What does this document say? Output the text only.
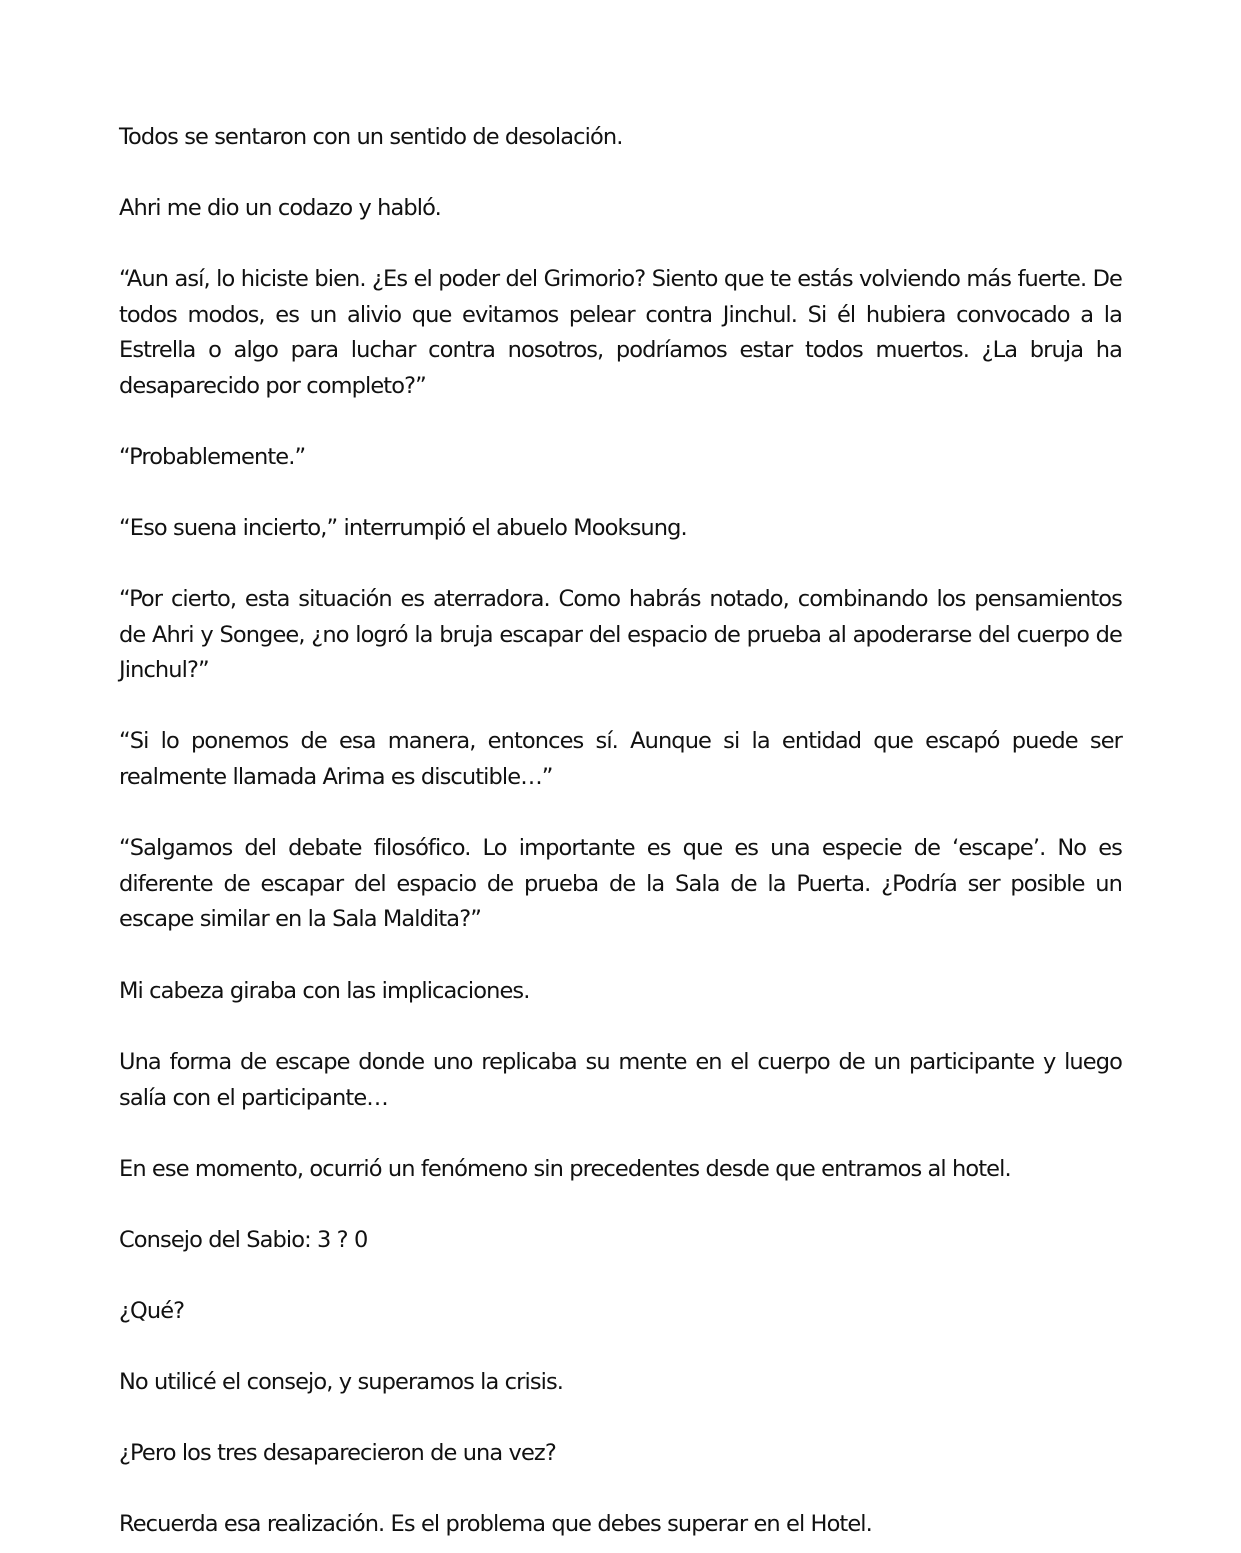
Todos se sentaron con un sentido de desolación.

Ahri me dio un codazo y habló.

“Aun así, lo hiciste bien. ¿Es el poder del Grimorio? Siento que te estás volviendo más fuerte. De todos modos, es un alivio que evitamos pelear contra Jinchul. Si él hubiera convocado a la Estrella o algo para luchar contra nosotros, podríamos estar todos muertos. ¿La bruja ha desaparecido por completo?”

“Probablemente.”

“Eso suena incierto,” interrumpió el abuelo Mooksung.

“Por cierto, esta situación es aterradora. Como habrás notado, combinando los pensamientos de Ahri y Songee, ¿no logró la bruja escapar del espacio de prueba al apoderarse del cuerpo de Jinchul?”

“Si lo ponemos de esa manera, entonces sí. Aunque si la entidad que escapó puede ser realmente llamada Arima es discutible…”

“Salgamos del debate filosófico. Lo importante es que es una especie de ‘escape’. No es diferente de escapar del espacio de prueba de la Sala de la Puerta. ¿Podría ser posible un escape similar en la Sala Maldita?”

Mi cabeza giraba con las implicaciones.

Una forma de escape donde uno replicaba su mente en el cuerpo de un participante y luego salía con el participante…

En ese momento, ocurrió un fenómeno sin precedentes desde que entramos al hotel.

Consejo del Sabio: 3 ? 0

¿Qué?

No utilicé el consejo, y superamos la crisis.

¿Pero los tres desaparecieron de una vez?

Recuerda esa realización. Es el problema que debes superar en el Hotel.
